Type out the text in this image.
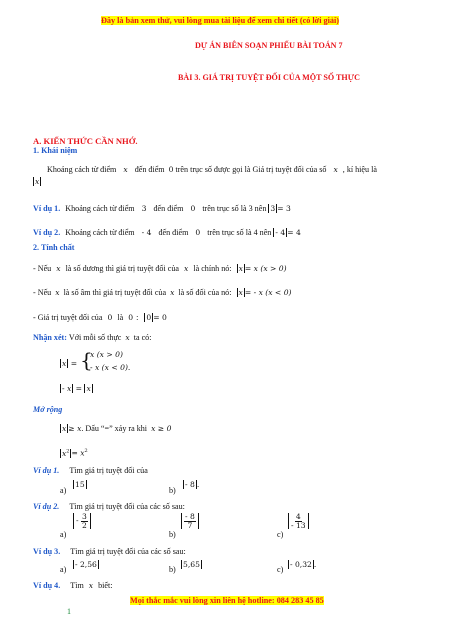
Đây là bản xem thử, vui lòng mua tài liệu để xem chi tiết (có lời giải)
DỰ ÁN BIÊN SOẠN PHIẾU BÀI TOÁN 7
BÀI 3. GIÁ TRỊ TUYỆT ĐỐI CỦA MỘT SỐ THỰC
A. KIẾN THỨC CẦN NHỚ.
1. Khái niệm
Khoảng cách từ điểm x đến điểm 0 trên trục số được gọi là Giá trị tuyệt đối của số x , kí hiệu là
x
Ví dụ 1. Khoảng cách từ điểm 3 đến điểm 0 trên trục số là 3 nên 3 = 3
Ví dụ 2. Khoảng cách từ điểm - 4 đến điểm 0 trên trục số là 4 nên - 4 = 4
2. Tính chất
- Nếu x là số dương thì giá trị tuyệt đối của x là chính nó: x = x (x > 0)
- Nếu x là số âm thì giá trị tuyệt đối của x là số đối của nó: x = - x (x < 0)
- Giá trị tuyệt đối của 0 là 0 : 0 = 0
Nhận xét: Với mỗi số thực x ta có:
x = {
x (x > 0)
- x (x < 0).
- x = x
Mở rộng
x ≥ x. Dấu “=” xảy ra khi x ≥ 0
$x^2 = x^2$
Ví dụ 1. Tìm giá trị tuyệt đối của
a)
15
b)
- 8 .
Ví dụ 2. Tìm giá trị tuyệt đối của các số sau:
a)
- $\frac{3}{2}$
b)
$\frac{- 8}{7}$
c)
$\frac{4}{- 13}$
Ví dụ 3. Tìm giá trị tuyệt đối của các số sau:
a)
- 2,56
b)
5,65
c)
- 0,32 .
Ví dụ 4. Tìm x biết:
Mọi thắc mắc vui lòng xin liên hệ hotline: 084 283 45 85
1
